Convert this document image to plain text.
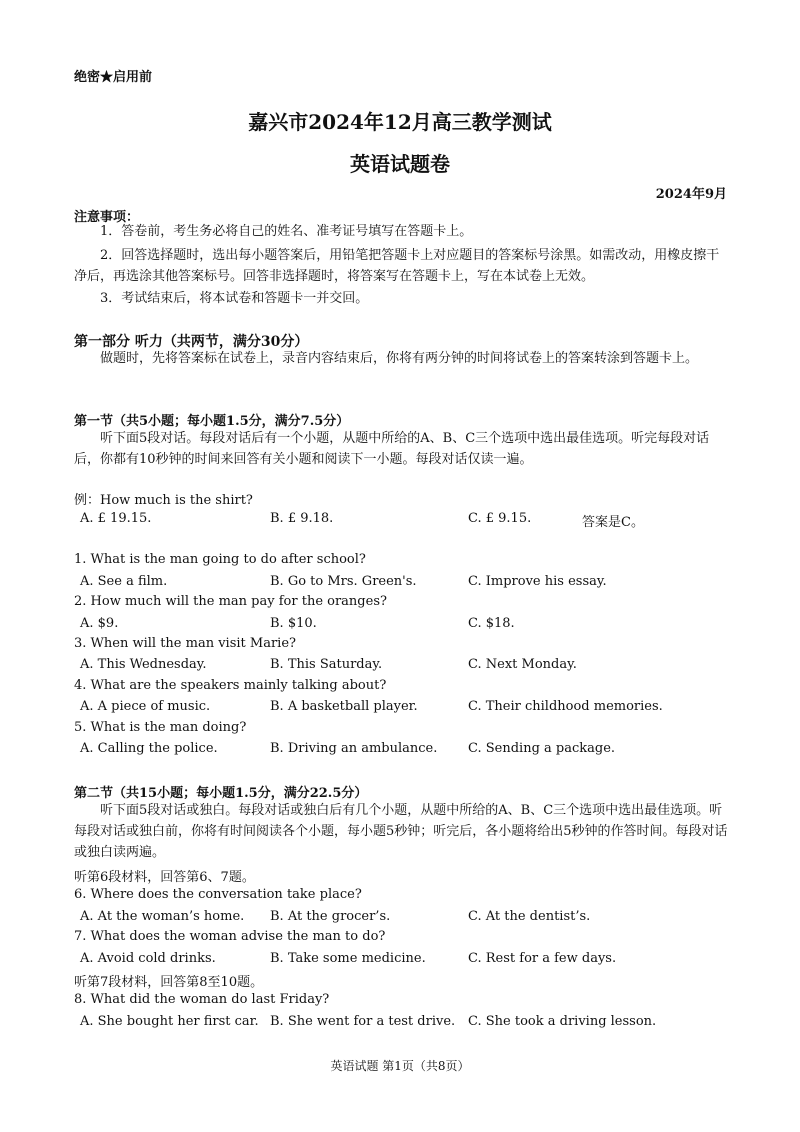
绝密★启用前
嘉兴市2024年12月高三教学测试
英语试题卷
2024年9月
注意事项：
1．答卷前，考生务必将自己的姓名、准考证号填写在答题卡上。
2．回答选择题时，选出每小题答案后，用铅笔把答题卡上对应题目的答案标号涂黑。如需改动，用橡皮擦干净后，再选涂其他答案标号。回答非选择题时，将答案写在答题卡上，写在本试卷上无效。
3．考试结束后，将本试卷和答题卡一并交回。
第一部分 听力（共两节，满分30分）
做题时，先将答案标在试卷上，录音内容结束后，你将有两分钟的时间将试卷上的答案转涂到答题卡上。
第一节（共5小题；每小题1.5分，满分7.5分）
听下面5段对话。每段对话后有一个小题，从题中所给的A、B、C三个选项中选出最佳选项。听完每段对话后，你都有10秒钟的时间来回答有关小题和阅读下一小题。每段对话仅读一遍。
例：How much is the shirt?
A. £ 19.15.	B. £ 9.18.	C. £ 9.15.	答案是C。
1. What is the man going to do after school?
A. See a film.	B. Go to Mrs. Green's.	C. Improve his essay.
2. How much will the man pay for the oranges?
A. $9.	B. $10.	C. $18.
3. When will the man visit Marie?
A. This Wednesday.	B. This Saturday.	C. Next Monday.
4. What are the speakers mainly talking about?
A. A piece of music.	B. A basketball player.	C. Their childhood memories.
5. What is the man doing?
A. Calling the police.	B. Driving an ambulance. C. Sending a package.
第二节（共15小题；每小题1.5分，满分22.5分）
听下面5段对话或独白。每段对话或独白后有几个小题，从题中所给的A、B、C三个选项中选出最佳选项。听每段对话或独白前，你将有时间阅读各个小题，每小题5秒钟；听完后，各小题将给出5秒钟的作答时间。每段对话或独白读两遍。
听第6段材料，回答第6、7题。
6. Where does the conversation take place?
A. At the woman’s home. B. At the grocer’s.	C. At the dentist’s.
7. What does the woman advise the man to do?
A. Avoid cold drinks.	B. Take some medicine.	C. Rest for a few days.
听第7段材料，回答第8至10题。
8. What did the woman do last Friday?
A. She bought her first car. B. She went for a test drive. C. She took a driving lesson.
英语试题 第1页（共8页）
